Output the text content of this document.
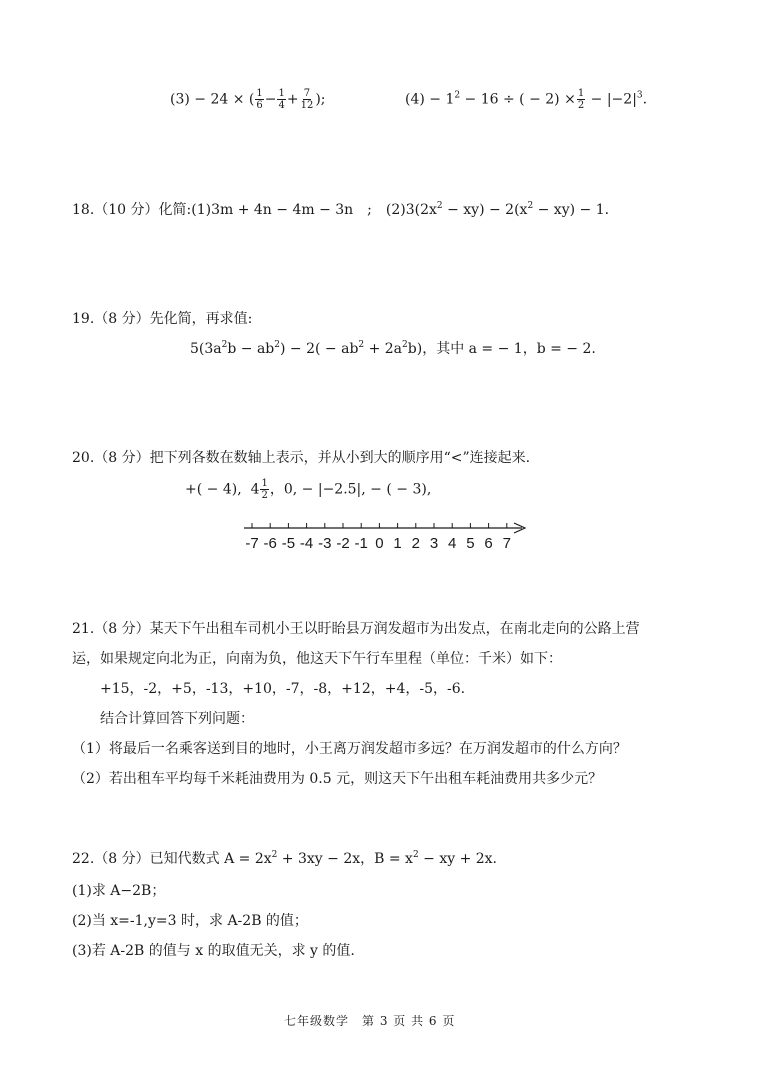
(3) − 24 × ( $\frac{1}{6} - \frac{1}{4} + \frac{7}{12}$ );	$(4) - 1^2 - 16$ ÷ ( − $2) \times \frac{1}{2} - |-2|^3$.
18.（10 分）化简:(1)3m + 4n − 4m − 3n　;　$(2)3(2x^2 - xy) - 2(x^2 - xy) - 1$.
19.（8 分）先化简，再求值:
$5(3a^2b - ab^2) - 2( - ab^2 + 2a^2b)$，其中 a = − 1，b = − 2.
20.（8 分）把下列各数在数轴上表示，并从小到大的顺序用“<”连接起来.
+( − 4), $4 \frac{1}{2}$ ，0, − |−2.5|, − ( − 3),
-7 -6 -5 -4 -3 -2 -1 0 1 2 3 4 5 6 7
21.（8 分）某天下午出租车司机小王以盱眙县万润发超市为出发点，在南北走向的公路上营
运，如果规定向北为正，向南为负，他这天下午行车里程（单位：千米）如下：
+15，-2，+5，-13，+10，-7，-8，+12，+4，-5，-6.
结合计算回答下列问题：
（1）将最后一名乘客送到目的地时，小王离万润发超市多远？在万润发超市的什么方向？
（2）若出租车平均每千米耗油费用为 0.5 元，则这天下午出租车耗油费用共多少元？
22.（8 分）已知代数式 $A = 2x^2 + 3xy - 2x$，$B = x^2$ − xy + 2x.
(1)求 A−2B；
(2)当 x=-1,y=3 时，求 A-2B 的值；
(3)若 A-2B 的值与 x 的取值无关，求 y 的值.
七年级数学　第 3 页 共 6 页
